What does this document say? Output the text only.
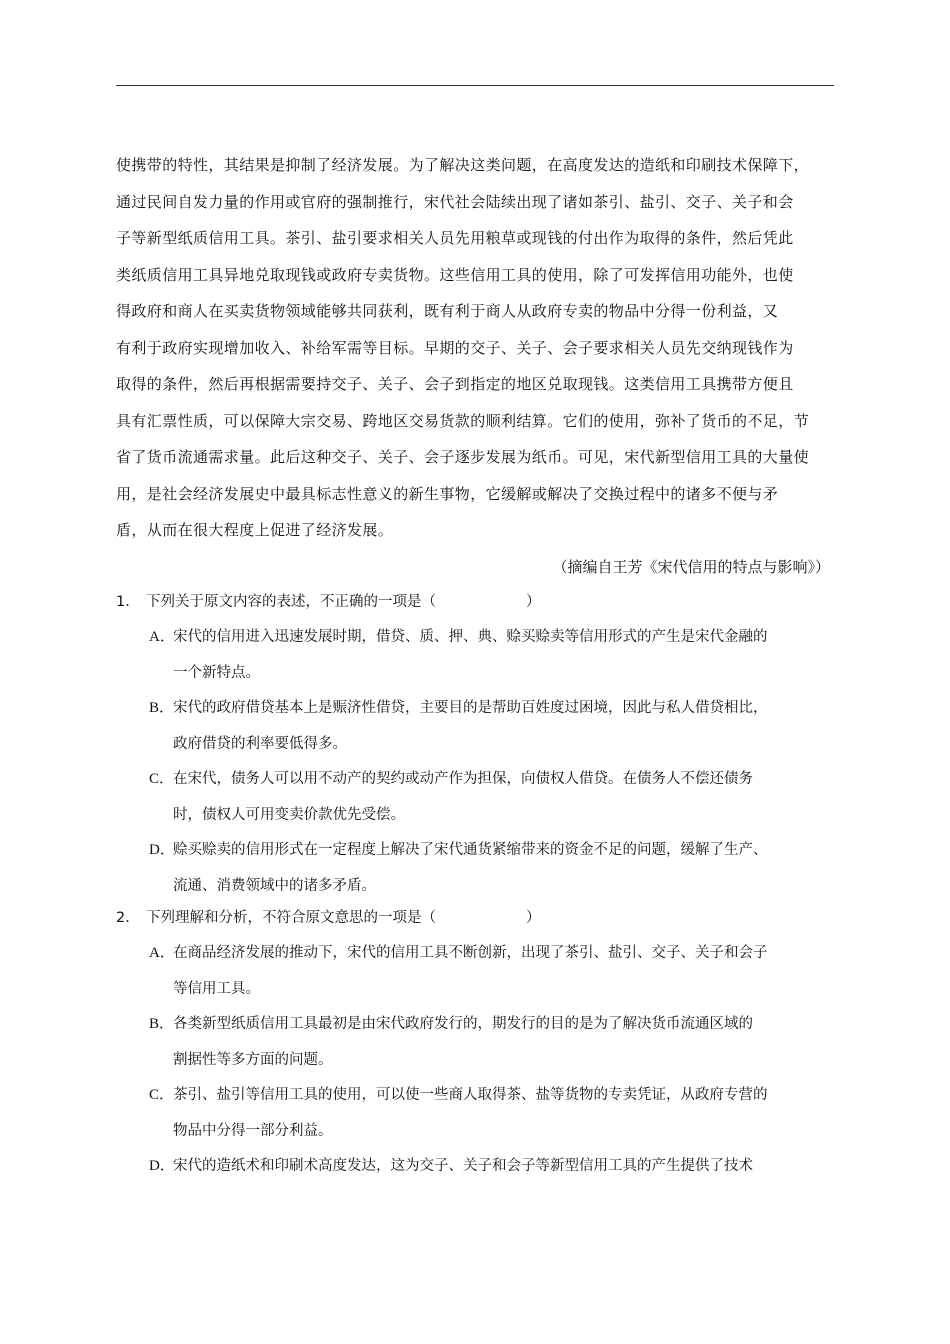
使携带的特性，其结果是抑制了经济发展。为了解决这类问题，在高度发达的造纸和印刷技术保障下，
通过民间自发力量的作用或官府的强制推行，宋代社会陆续出现了诸如茶引、盐引、交子、关子和会
子等新型纸质信用工具。茶引、盐引要求相关人员先用粮草或现钱的付出作为取得的条件，然后凭此
类纸质信用工具异地兑取现钱或政府专卖货物。这些信用工具的使用，除了可发挥信用功能外，也使
得政府和商人在买卖货物领域能够共同获利，既有利于商人从政府专卖的物品中分得一份利益，又
有利于政府实现增加收入、补给军需等目标。早期的交子、关子、会子要求相关人员先交纳现钱作为
取得的条件，然后再根据需要持交子、关子、会子到指定的地区兑取现钱。这类信用工具携带方便且
具有汇票性质，可以保障大宗交易、跨地区交易货款的顺利结算。它们的使用，弥补了货币的不足，节
省了货币流通需求量。此后这种交子、关子、会子逐步发展为纸币。可见，宋代新型信用工具的大量使
用，是社会经济发展史中最具标志性意义的新生事物，它缓解或解决了交换过程中的诸多不便与矛
盾，从而在很大程度上促进了经济发展。
（摘编自王芳《宋代信用的特点与影响》）
1． 下列关于原文内容的表述，不正确的一项是（	）
A．宋代的信用进入迅速发展时期，借贷、质、押、典、赊买赊卖等信用形式的产生是宋代金融的
一个新特点。
B．宋代的政府借贷基本上是赈济性借贷，主要目的是帮助百姓度过困境，因此与私人借贷相比，
政府借贷的利率要低得多。
C．在宋代，债务人可以用不动产的契约或动产作为担保，向债权人借贷。在债务人不偿还债务
时，债权人可用变卖价款优先受偿。
D．赊买赊卖的信用形式在一定程度上解决了宋代通货紧缩带来的资金不足的问题，缓解了生产、
流通、消费领域中的诸多矛盾。
2． 下列理解和分析，不符合原文意思的一项是（	）
A．在商品经济发展的推动下，宋代的信用工具不断创新，出现了茶引、盐引、交子、关子和会子
等信用工具。
B．各类新型纸质信用工具最初是由宋代政府发行的，期发行的目的是为了解决货币流通区域的
割据性等多方面的问题。
C．茶引、盐引等信用工具的使用，可以使一些商人取得茶、盐等货物的专卖凭证，从政府专营的
物品中分得一部分利益。
D．宋代的造纸术和印刷术高度发达，这为交子、关子和会子等新型信用工具的产生提供了技术
